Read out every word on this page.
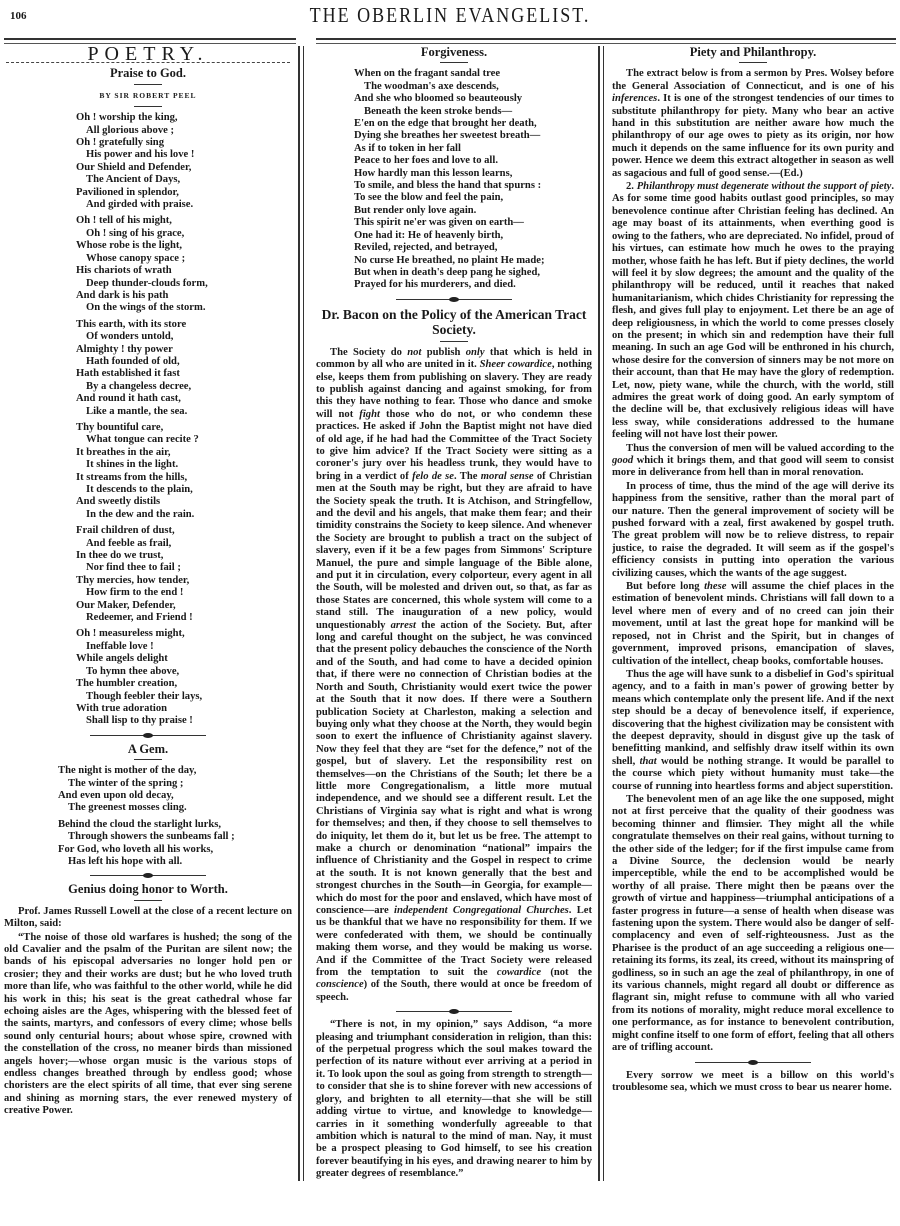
106	THE OBERLIN EVANGELIST.
POETRY.
Praise to God.
BY SIR ROBERT PEEL
Oh ! worship the king,
All glorious above ;
Oh ! gratefully sing
His power and his love !
Our Shield and Defender,
The Ancient of Days,
Pavilioned in splendor,
And girded with praise.
Oh ! tell of his might,
Oh ! sing of his grace,
Whose robe is the light,
Whose canopy space ;
His chariots of wrath
Deep thunder-clouds form,
And dark is his path
On the wings of the storm.
This earth, with its store
Of wonders untold,
Almighty ! thy power
Hath founded of old,
Hath established it fast
By a changeless decree,
And round it hath cast,
Like a mantle, the sea.
Thy bountiful care,
What tongue can recite ?
It breathes in the air,
It shines in the light.
It streams from the hills,
It descends to the plain,
And sweetly distils
In the dew and the rain.
Frail children of dust,
And feeble as frail,
In thee do we trust,
Nor find thee to fail ;
Thy mercies, how tender,
How firm to the end !
Our Maker, Defender,
Redeemer, and Friend !
Oh ! measureless might,
Ineffable love !
While angels delight
To hymn thee above,
The humbler creation,
Though feebler their lays,
With true adoration
Shall lisp to thy praise !
A Gem.
The night is mother of the day,
The winter of the spring ;
And even upon old decay,
The greenest mosses cling.
Behind the cloud the starlight lurks,
Through showers the sunbeams fall ;
For God, who loveth all his works,
Has left his hope with all.
Genius doing honor to Worth.

Prof. James Russell Lowell at the close of a recent lecture on Milton, said:

“The noise of those old warfares is hushed; the song of the old Cavalier and the psalm of the Puritan are silent now; the bands of his episcopal adversaries no longer hold pen or crosier; they and their works are dust; but he who loved truth more than life, who was faithful to the other world, while he did his work in this; his seat is the great cathedral whose far echoing aisles are the Ages, whispering with the blessed feet of the saints, martyrs, and confessors of every clime; whose bells sound only centurial hours; about whose spire, crowned with the constellation of the cross, no meaner birds than missioned angels hover;—whose organ music is the various stops of endless changes breathed through by endless good; whose choristers are the elect spirits of all time, that ever sing serene and shining as morning stars, the ever renewed mystery of creative Power.

Forgiveness.
When on the fragant sandal tree
The woodman's axe descends,
And she who bloomed so beauteously
Beneath the keen stroke bends—
E'en on the edge that brought her death,
Dying she breathes her sweetest breath—
As if to token in her fall
Peace to her foes and love to all.
How hardly man this lesson learns,
To smile, and bless the hand that spurns :
To see the blow and feel the pain,
But render only love again.
This spirit ne'er was given on earth—
One had it: He of heavenly birth,
Reviled, rejected, and betrayed,
No curse He breathed, no plaint He made;
But when in death's deep pang he sighed,
Prayed for his murderers, and died.
Dr. Bacon on the Policy of the American Tract Society.

The Society do not publish only that which is held in common by all who are united in it. Sheer cowardice, nothing else, keeps them from publishing on slavery. They are ready to publish against dancing and against smoking, for from this they have nothing to fear. Those who dance and smoke will not fight those who do not, or who condemn these practices. He asked if John the Baptist might not have died of old age, if he had had the Committee of the Tract Society to give him advice? If the Tract Society were sitting as a coroner's jury over his headless trunk, they would have to bring in a verdict of felo de se. The moral sense of Christian men at the South may be right, but they are afraid to have the Society speak the truth. It is Atchison, and Stringfellow, and the devil and his angels, that make them fear; and their timidity constrains the Society to keep silence. And whenever the Society are brought to publish a tract on the subject of slavery, even if it be a few pages from Simmons' Scripture Manuel, the pure and simple language of the Bible alone, and put it in circulation, every colporteur, every agent in all the South, will be molested and driven out, so that, as far as those States are concerned, this whole system will come to a stand still. The inauguration of a new policy, would unquestionably arrest the action of the Society. But, after long and careful thought on the subject, he was convinced that the present policy debauches the conscience of the North and of the South, and had come to have a decided opinion that, if there were no connection of Christian bodies at the North and South, Christianity would exert twice the power at the South that it now does. If there were a Southern publication Society at Charleston, making a selection and buying only what they choose at the North, they would begin soon to exert the influence of Christianity against slavery. Now they feel that they are “set for the defence,” not of the gospel, but of slavery. Let the responsibility rest on themselves—on the Christians of the South; let there be a little more Congregationalism, a little more mutual independence, and we should see a different result. Let the Christians of Virginia say what is right and what is wrong for themselves; and then, if they choose to sell themselves to do iniquity, let them do it, but let us be free. The attempt to make a church or denomination “national” impairs the influence of Christianity and the Gospel in respect to crime at the south. It is not known generally that the best and strongest churches in the South—in Georgia, for example—which do most for the poor and enslaved, which have most of conscience—are independent Congregational Churches. Let us be thankful that we have no responsibility for them. If we were confederated with them, we should be continually making them worse, and they would be making us worse. And if the Committee of the Tract Society were released from the temptation to suit the cowardice (not the conscience) of the South, there would at once be freedom of speech.

“There is not, in my opinion,” says Addison, “a more pleasing and triumphant consideration in religion, than this: of the perpetual progress which the soul makes toward the perfection of its nature without ever arriving at a period in it. To look upon the soul as going from strength to strength—to consider that she is to shine forever with new accessions of glory, and brighten to all eternity—that she will be still adding virtue to virtue, and knowledge to knowledge—carries in it something wonderfully agreeable to that ambition which is natural to the mind of man. Nay, it must be a prospect pleasing to God himself, to see his creation forever beautifying in his eyes, and drawing nearer to him by greater degrees of resemblance.”

Piety and Philanthropy.

The extract below is from a sermon by Pres. Wolsey before the General Association of Connecticut, and is one of his inferences. It is one of the strongest tendencies of our times to substitute philanthropy for piety. Many who bear an active hand in this substitution are neither aware how much the philanthropy of our age owes to piety as its origin, nor how much it depends on the same influence for its own purity and power. Hence we deem this extract altogether in season as well as sagacious and full of good sense.—(Ed.)

2. Philanthropy must degenerate without the support of piety. As for some time good habits outlast good principles, so may benevolence continue after Christian feeling has declined. An age may boast of its attainments, when everthing good is owing to the fathers, who are depreciated. No infidel, proud of his virtues, can estimate how much he owes to the praying mother, whose faith he has left. But if piety declines, the world will feel it by slow degrees; the amount and the quality of the philanthropy will be reduced, until it reaches that naked humanitarianism, which chides Christianity for repressing the flesh, and gives full play to enjoyment. Let there be an age of deep religiousness, in which the world to come presses closely on the present; in which sin and redemption have their full meaning. In such an age God will be enthroned in his church, whose desire for the conversion of sinners may be not more on their account, than that He may have the glory of redemption. Let, now, piety wane, while the church, with the world, still admires the great work of doing good. An early symptom of the decline will be, that exclusively religious ideas will have less sway, while considerations addressed to the humane feeling will not have lost their power.

Thus the conversion of men will be valued according to the good which it brings them, and that good will seem to consist more in deliverance from hell than in moral renovation.

In process of time, thus the mind of the age will derive its happiness from the sensitive, rather than the moral part of our nature. Then the general improvement of society will be pushed forward with a zeal, first awakened by gospel truth. The great problem will now be to relieve distress, to repair justice, to raise the degraded. It will seem as if the gospel's efficiency consists in putting into operation the various civilizing causes, which the wants of the age suggest.

But before long these will assume the chief places in the estimation of benevolent minds. Christians will fall down to a level where men of every and of no creed can join their movement, until at last the great hope for mankind will be reposed, not in Christ and the Spirit, but in changes of government, improved prisons, emancipation of slaves, cultivation of the intellect, cheap books, comfortable houses.

Thus the age will have sunk to a disbelief in God's spiritual agency, and to a faith in man's power of growing better by means which contemplate only the present life. And if the next step should be a decay of benevolence itself, if experience, discovering that the highest civilization may be consistent with the deepest depravity, should in disgust give up the task of benefitting mankind, and selfishly draw itself within its own shell, that would be nothing strange. It would be parallel to the course which piety without humanity must take—the course of running into heartless forms and abject superstition.

The benevolent men of an age like the one supposed, might not at first perceive that the quality of their goodness was becoming thinner and flimsier. They might all the while congratulate themselves on their real gains, without turning to the other side of the ledger; for if the first impulse came from a Divine Source, the declension would be nearly imperceptible, while the end to be accomplished would be worthy of all praise. There might then be pæans over the growth of virtue and happiness—triumphal anticipations of a faster progress in future—a sense of health when disease was fastening upon the system. There would also be danger of self-complacency and even of self-righteousness. Just as the Pharisee is the product of an age succeeding a religious one—retaining its forms, its zeal, its creed, without its mainspring of godliness, so in such an age the zeal of philanthropy, in one of its various channels, might regard all doubt or difference as flagrant sin, might refuse to commune with all who varied from its notions of morality, might reduce moral excellence to one performance, as for instance to benevolent contribution, might confine itself to one form of effort, feeling that all others are of trifling account.

Every sorrow we meet is a billow on this world's troublesome sea, which we must cross to bear us nearer home.
